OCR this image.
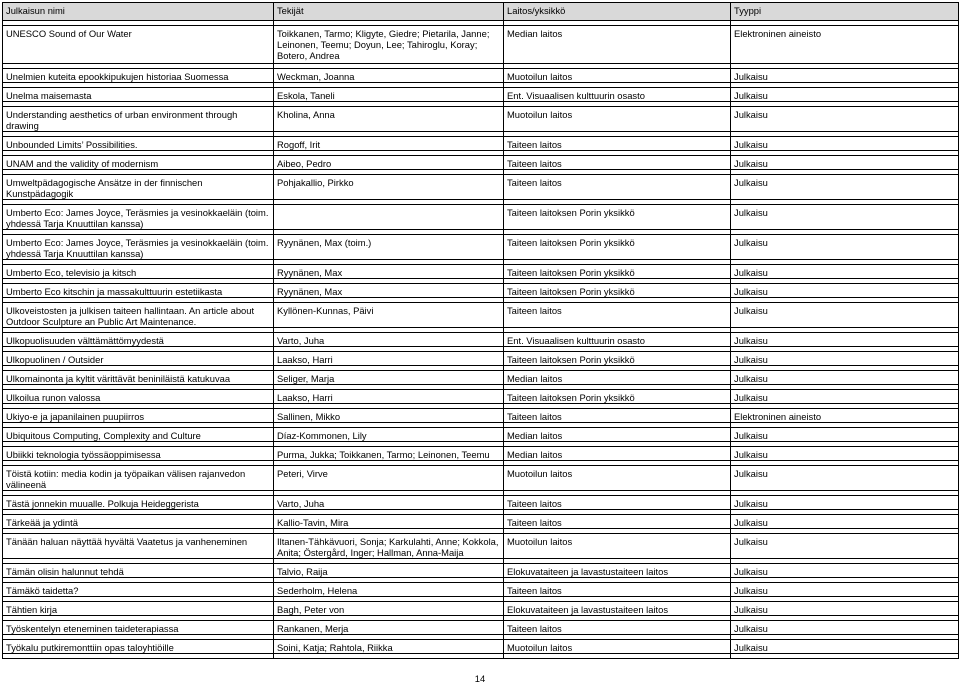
Julkaisun nimi	Tekijät	Laitos/yksikkö	Tyyppi

UNESCO Sound of Our Water	Toikkanen, Tarmo; Kligyte, Giedre; Pietarila, Janne; Leinonen, Teemu; Doyun, Lee; Tahiroglu, Koray; Botero, Andrea	Median laitos	Elektroninen aineisto

Unelmien kuteita epookkipukujen historiaa Suomessa	Weckman, Joanna	Muotoilun laitos	Julkaisu

Unelma maisemasta	Eskola, Taneli	Ent. Visuaalisen kulttuurin osasto	Julkaisu

Understanding aesthetics of urban environment through drawing	Kholina, Anna	Muotoilun laitos	Julkaisu

Unbounded Limits’ Possibilities.	Rogoff, Irit	Taiteen laitos	Julkaisu

UNAM and the validity of modernism	Aibeo, Pedro	Taiteen laitos	Julkaisu

Umweltpädagogische Ansätze in der finnischen Kunstpädagogik	Pohjakallio, Pirkko	Taiteen laitos	Julkaisu

Umberto Eco: James Joyce, Teräsmies ja vesinokkaeläin (toim. yhdessä Tarja Knuuttilan kanssa)		Taiteen laitoksen Porin yksikkö	Julkaisu

Umberto Eco: James Joyce, Teräsmies ja vesinokkaeläin (toim. yhdessä Tarja Knuuttilan kanssa)	Ryynänen, Max (toim.)	Taiteen laitoksen Porin yksikkö	Julkaisu

Umberto Eco, televisio ja kitsch	Ryynänen, Max	Taiteen laitoksen Porin yksikkö	Julkaisu

Umberto Eco kitschin ja massakulttuurin estetiikasta	Ryynänen, Max	Taiteen laitoksen Porin yksikkö	Julkaisu

Ulkoveistosten ja julkisen taiteen hallintaan. An article about Outdoor Sculpture an Public Art Maintenance.	Kyllönen-Kunnas, Päivi	Taiteen laitos	Julkaisu

Ulkopuolisuuden välttämättömyydestä	Varto, Juha	Ent. Visuaalisen kulttuurin osasto	Julkaisu

Ulkopuolinen / Outsider	Laakso, Harri	Taiteen laitoksen Porin yksikkö	Julkaisu

Ulkomainonta ja kyltit värittävät beniniläistä katukuvaa	Seliger, Marja	Median laitos	Julkaisu

Ulkoilua runon valossa	Laakso, Harri	Taiteen laitoksen Porin yksikkö	Julkaisu

Ukiyo-e ja japanilainen puupiirros	Sallinen, Mikko	Taiteen laitos	Elektroninen aineisto

Ubiquitous Computing, Complexity and Culture	Díaz-Kommonen, Lily	Median laitos	Julkaisu

Ubiikki teknologia työssäoppimisessa	Purma, Jukka; Toikkanen, Tarmo; Leinonen, Teemu	Median laitos	Julkaisu

Töistä kotiin: media kodin ja työpaikan välisen rajanvedon välineenä	Peteri, Virve	Muotoilun laitos	Julkaisu

Tästä jonnekin muualle. Polkuja Heideggerista	Varto, Juha	Taiteen laitos	Julkaisu

Tärkeää ja ydintä	Kallio-Tavin, Mira	Taiteen laitos	Julkaisu

Tänään haluan näyttää hyvältä Vaatetus ja vanheneminen	Iltanen-Tähkävuori, Sonja; Karkulahti, Anne; Kokkola, Anita; Östergård, Inger; Hallman, Anna-Maija	Muotoilun laitos	Julkaisu

Tämän olisin halunnut tehdä	Talvio, Raija	Elokuvataiteen ja lavastustaiteen laitos	Julkaisu

Tämäkö taidetta?	Sederholm, Helena	Taiteen laitos	Julkaisu

Tähtien kirja	Bagh, Peter von	Elokuvataiteen ja lavastustaiteen laitos	Julkaisu

Työskentelyn eteneminen taideterapiassa	Rankanen, Merja	Taiteen laitos	Julkaisu

Työkalu putkiremonttiin opas taloyhtiöille	Soini, Katja; Rahtola, Riikka	Muotoilun laitos	Julkaisu

14
